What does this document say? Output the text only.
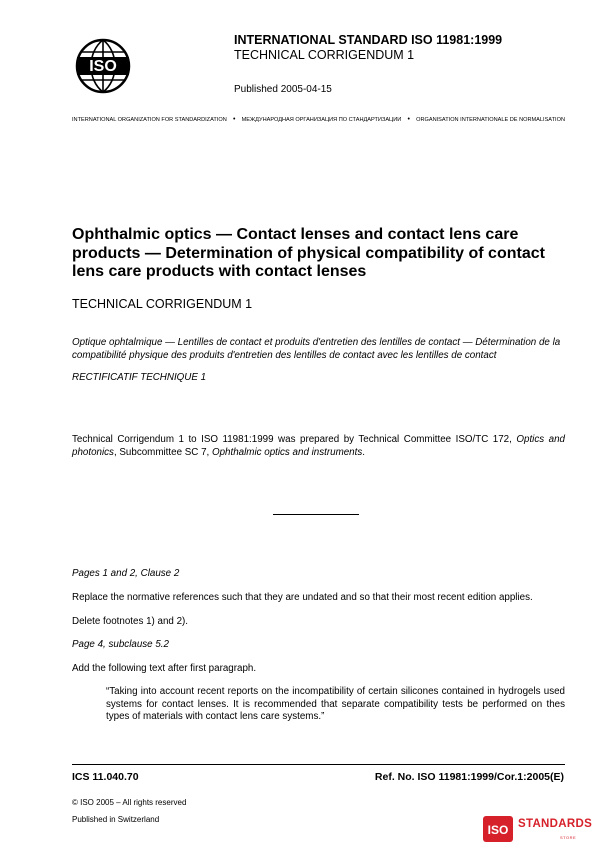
ISO
INTERNATIONAL STANDARD ISO 11981:1999
TECHNICAL CORRIGENDUM 1
Published 2005-04-15
INTERNATIONAL ORGANIZATION FOR STANDARDIZATION • МЕЖДУНАРОДНАЯ ОРГАНИЗАЦИЯ ПО СТАНДАРТИЗАЦИИ • ORGANISATION INTERNATIONALE DE NORMALISATION
Ophthalmic optics — Contact lenses and contact lens care products — Determination of physical compatibility of contact lens care products with contact lenses
TECHNICAL CORRIGENDUM 1
Optique ophtalmique — Lentilles de contact et produits d'entretien des lentilles de contact — Détermination de la compatibilité physique des produits d'entretien des lentilles de contact avec les lentilles de contact
RECTIFICATIF TECHNIQUE 1
Technical Corrigendum 1 to ISO 11981:1999 was prepared by Technical Committee ISO/TC 172, Optics and photonics, Subcommittee SC 7, Ophthalmic optics and instruments.
Pages 1 and 2, Clause 2
Replace the normative references such that they are undated and so that their most recent edition applies.
Delete footnotes 1) and 2).
Page 4, subclause 5.2
Add the following text after first paragraph.
“Taking into account recent reports on the incompatibility of certain silicones contained in hydrogels used systems for contact lenses. It is recommended that separate compatibility tests be performed on thes types of materials with contact lens care systems.”
ICS 11.040.70	Ref. No. ISO 11981:1999/Cor.1:2005(E)
© ISO 2005 – All rights reserved
Published in Switzerland
ISO STANDARDS
STORE
